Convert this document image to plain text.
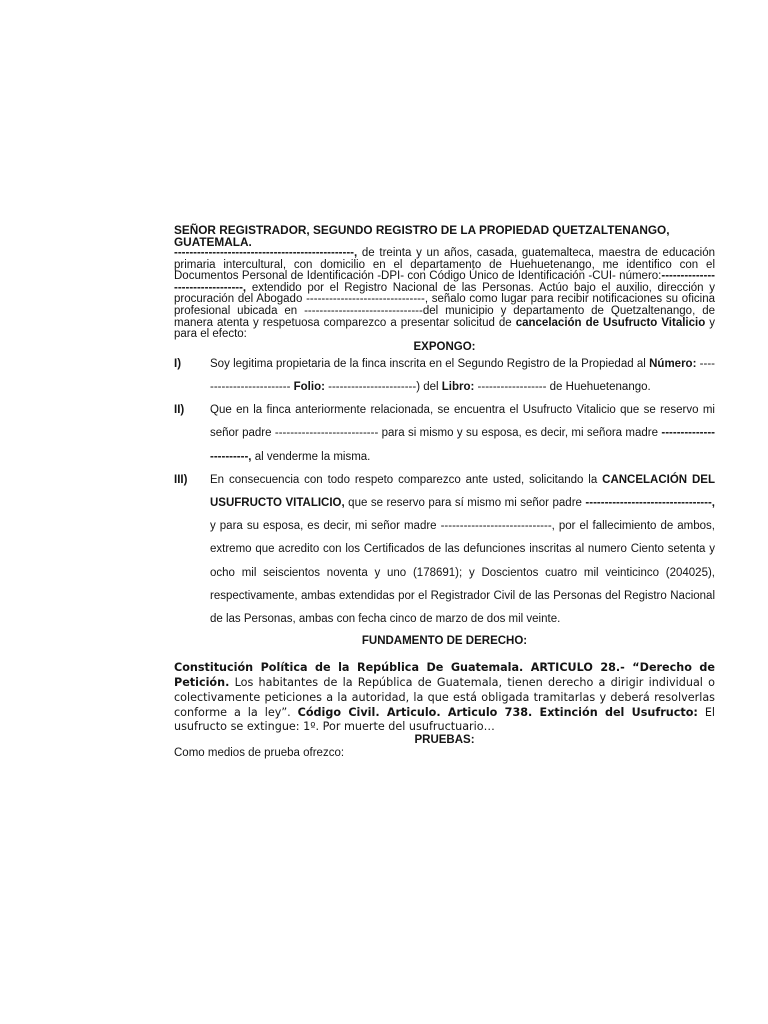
SEÑOR REGISTRADOR, SEGUNDO REGISTRO DE LA PROPIEDAD QUETZALTENANGO, GUATEMALA.

-----------------------------------------------, de treinta y un años, casada, guatemalteca, maestra de educación primaria intercultural, con domicilio en el departamento de Huehuetenango, me identifico con el Documentos Personal de Identificación -DPI- con Código Único de Identificación -CUI- número:--------------------------------, extendido por el Registro Nacional de las Personas. Actúo bajo el auxilio, dirección y procuración del Abogado -------------------------------, señalo como lugar para recibir notificaciones su oficina profesional ubicada en -------------------------------del municipio y departamento de Quetzaltenango, de manera atenta y respetuosa comparezco a presentar solicitud de cancelación de Usufructo Vitalicio y para el efecto:

EXPONGO:

I)	Soy legitima propietaria de la finca inscrita en el Segundo Registro de la Propiedad al Número: ------------------------- Folio: -----------------------) del Libro: ------------------ de Huehuetenango.
II)	Que en la finca anteriormente relacionada, se encuentra el Usufructo Vitalicio que se reservo mi señor padre --------------------------- para si mismo y su esposa, es decir, mi señora madre ------------------------, al venderme la misma.
III)	En consecuencia con todo respeto comparezco ante usted, solicitando la CANCELACIÓN DEL USUFRUCTO VITALICIO, que se reservo para sí mismo mi señor padre ---------------------------------, y para su esposa, es decir, mi señor madre -----------------------------, por el fallecimiento de ambos, extremo que acredito con los Certificados de las defunciones inscritas al numero Ciento setenta y ocho mil seiscientos noventa y uno (178691); y Doscientos cuatro mil veinticinco (204025), respectivamente, ambas extendidas por el Registrador Civil de las Personas del Registro Nacional de las Personas, ambas con fecha cinco de marzo de dos mil veinte.

FUNDAMENTO DE DERECHO:

Constitución Política de la República De Guatemala. ARTICULO 28.- “Derecho de Petición. Los habitantes de la República de Guatemala, tienen derecho a dirigir individual o colectivamente peticiones a la autoridad, la que está obligada tramitarlas y deberá resolverlas conforme a la ley”. Código Civil. Articulo. Articulo 738. Extinción del Usufructo: El usufructo se extingue: 1º. Por muerte del usufructuario…

PRUEBAS:

Como medios de prueba ofrezco:
